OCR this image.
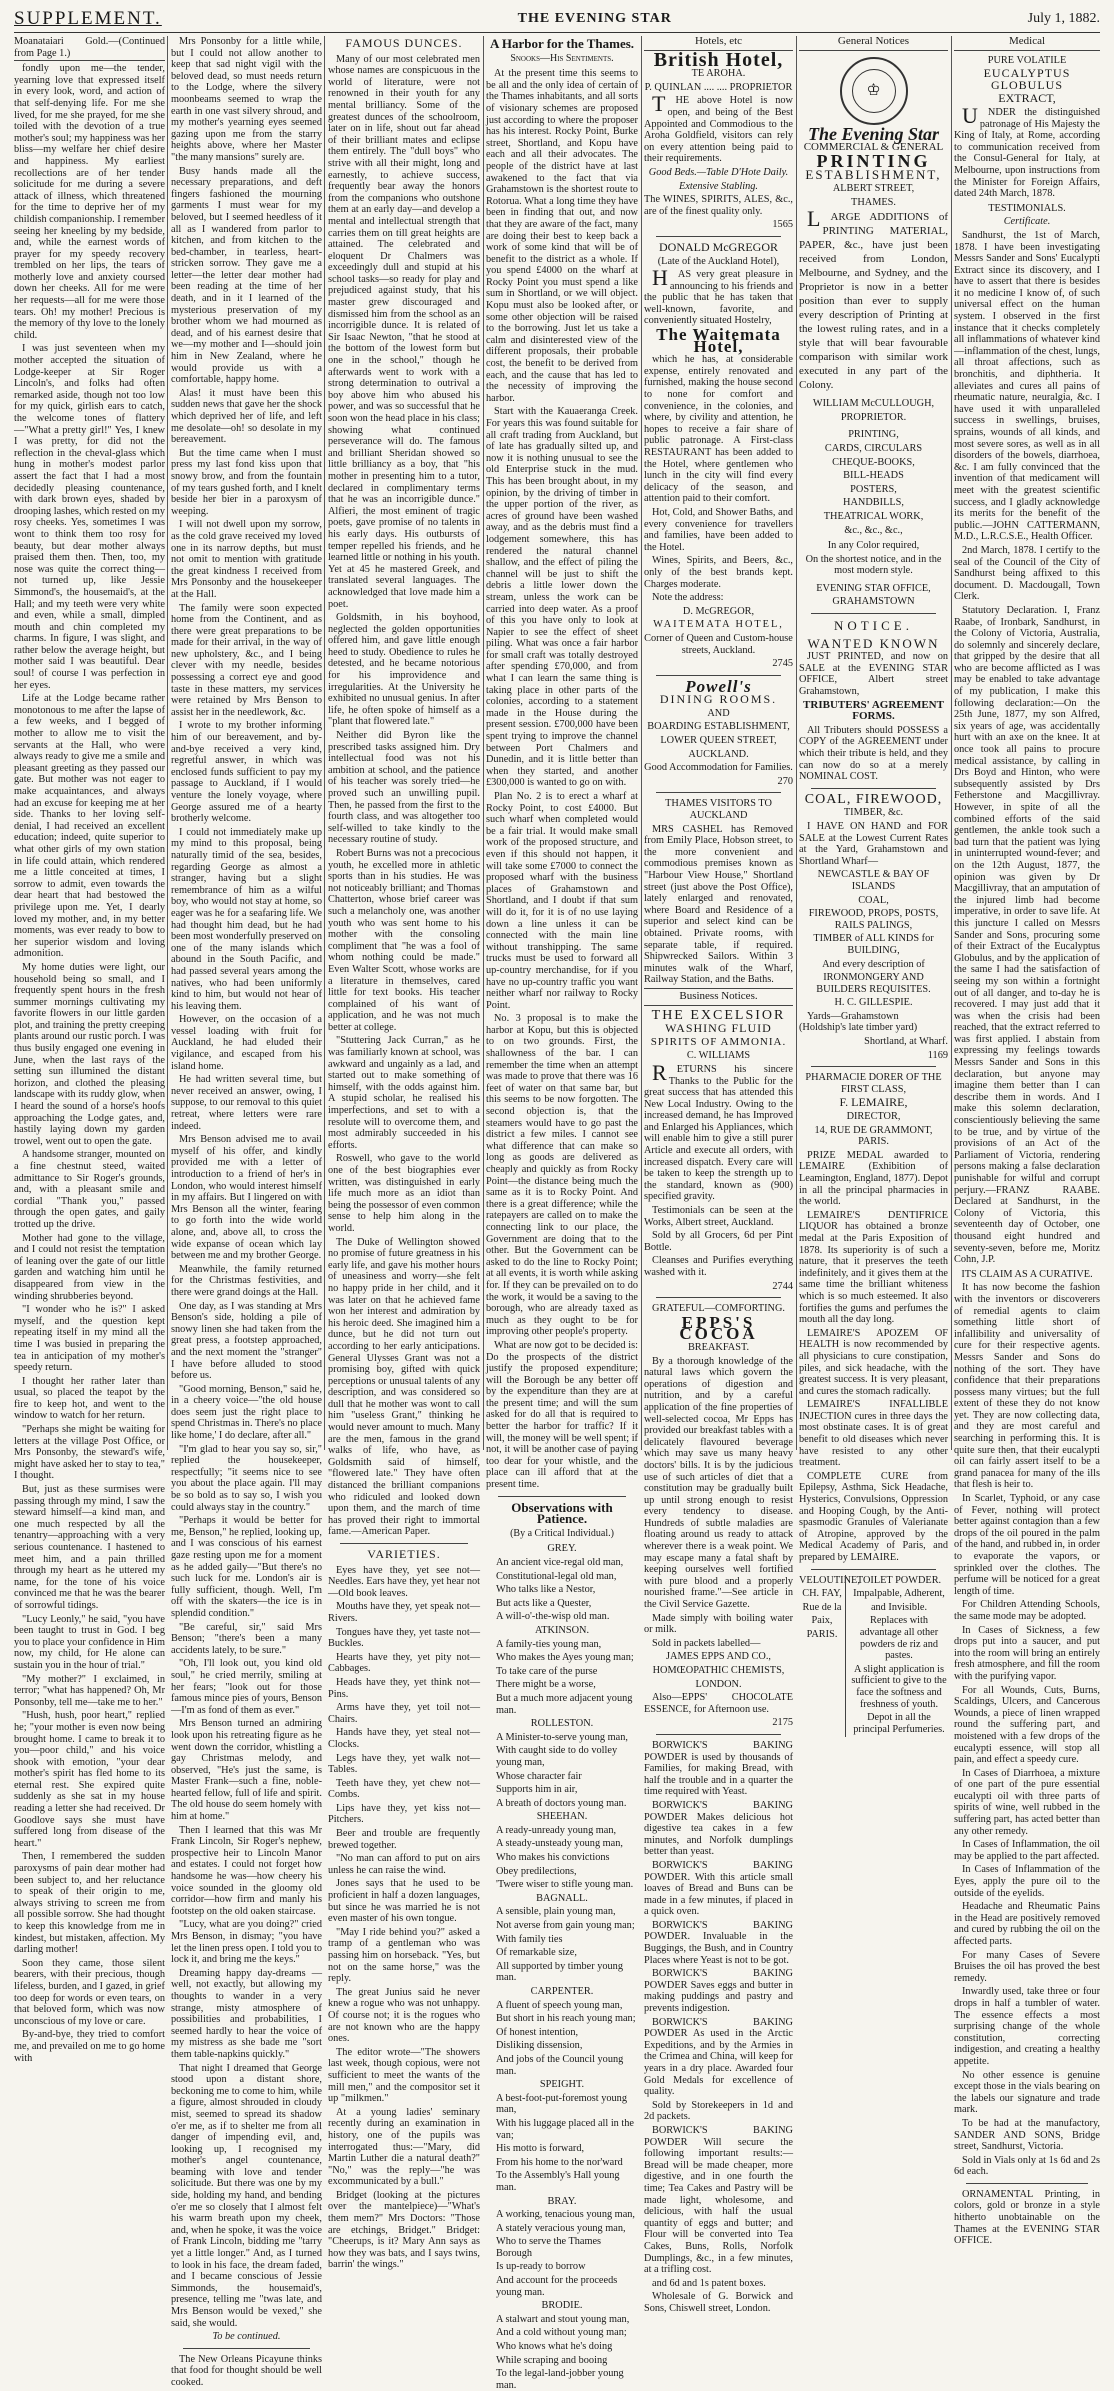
SUPPLEMENT.	THE EVENING STAR	July 1, 1882.

Moanataiari Gold.—(Continued from Page 1.)

fondly upon me—the tender, yearning love that expressed itself in every look, word, and action of that self-denying life. For me she lived, for me she prayed, for me she toiled with the devotion of a true mother's soul; my happiness was her bliss—my welfare her chief desire and happiness. My earliest recollections are of her tender solicitude for me during a severe attack of illness, which threatened for the time to deprive her of my childish companionship. I remember seeing her kneeling by my bedside, and, while the earnest words of prayer for my speedy recovery trembled on her lips, the tears of motherly love and anxiety coursed down her cheeks. All for me were her requests—all for me were those tears. Oh! my mother! Precious is the memory of thy love to the lonely child.

I was just seventeen when my mother accepted the situation of Lodge-keeper at Sir Roger Lincoln's, and folks had often remarked aside, though not too low for my quick, girlish ears to catch, the welcome tones of flattery—"What a pretty girl!" Yes, I knew I was pretty, for did not the reflection in the cheval-glass which hung in mother's modest parlor assert the fact that I had a most decidedly pleasing countenance, with dark brown eyes, shaded by drooping lashes, which rested on my rosy cheeks. Yes, sometimes I was wont to think them too rosy for beauty, but dear mother always praised them then. Then, too, my nose was quite the correct thing—not turned up, like Jessie Simmond's, the housemaid's, at the Hall; and my teeth were very white and even, while a small, dimpled mouth and chin completed my charms. In figure, I was slight, and rather below the average height, but mother said I was beautiful. Dear soul! of course I was perfection in her eyes.

Life at the Lodge became rather monotonous to me after the lapse of a few weeks, and I begged of mother to allow me to visit the servants at the Hall, who were always ready to give me a smile and pleasant greeting as they passed our gate. But mother was not eager to make acquaintances, and always had an excuse for keeping me at her side. Thanks to her loving self-denial, I had received an excellent education; indeed, quite superior to what other girls of my own station in life could attain, which rendered me a little conceited at times, I sorrow to admit, even towards the dear heart that had bestowed the privilege upon me. Yet, I dearly loved my mother, and, in my better moments, was ever ready to bow to her superior wisdom and loving admonition.

My home duties were light, our household being so small, and I frequently spent hours in the fresh summer mornings cultivating my favorite flowers in our little garden plot, and training the pretty creeping plants around our rustic porch. I was thus busily engaged one evening in June, when the last rays of the setting sun illumined the distant horizon, and clothed the pleasing landscape with its ruddy glow, when I heard the sound of a horse's hoofs approaching the Lodge gates, and, hastily laying down my garden trowel, went out to open the gate.

A handsome stranger, mounted on a fine chestnut steed, waited admittance to Sir Roger's grounds, and, with a pleasant smile and cordial "Thank you," passed through the open gates, and gaily trotted up the drive.

Mother had gone to the village, and I could not resist the temptation of leaning over the gate of our little garden and watching him until he disappeared from view in the winding shrubberies beyond.

"I wonder who he is?" I asked myself, and the question kept repeating itself in my mind all the time I was busied in preparing the tea in anticipation of my mother's speedy return.

I thought her rather later than usual, so placed the teapot by the fire to keep hot, and went to the window to watch for her return.

"Perhaps she might be waiting for letters at the village Post Office, or Mrs Ponsonby, the steward's wife, might have asked her to stay to tea," I thought.

But, just as these surmises were passing through my mind, I saw the steward himself—a kind man, and one much respected by all the tenantry—approaching with a very serious countenance. I hastened to meet him, and a pain thrilled through my heart as he uttered my name, for the tone of his voice convinced me that he was the bearer of sorrowful tidings.

"Lucy Leonly," he said, "you have been taught to trust in God. I beg you to place your confidence in Him now, my child, for He alone can sustain you in the hour of trial."

"My mother?" I exclaimed, in terror; "what has happened? Oh, Mr Ponsonby, tell me—take me to her."

"Hush, hush, poor heart," replied he; "your mother is even now being brought home. I came to break it to you—poor child," and his voice shook with emotion, "your dear mother's spirit has fled home to its eternal rest. She expired quite suddenly as she sat in my house reading a letter she had received. Dr Goodlove says she must have suffered long from disease of the heart."

Then, I remembered the sudden paroxysms of pain dear mother had been subject to, and her reluctance to speak of their origin to me, always striving to screen me from all possible sorrow. She had thought to keep this knowledge from me in kindest, but mistaken, affection. My darling mother!

Soon they came, those silent bearers, with their precious, though lifeless, burden, and I gazed, in grief too deep for words or even tears, on that beloved form, which was now unconscious of my love or care.

By-and-bye, they tried to comfort me, and prevailed on me to go home with

Mrs Ponsonby for a little while, but I could not allow another to keep that sad night vigil with the beloved dead, so must needs return to the Lodge, where the silvery moonbeams seemed to wrap the earth in one vast silvery shroud, and my mother's yearning eyes seemed gazing upon me from the starry heights above, where her Master "the many mansions" surely are.

Busy hands made all the necessary preparations, and deft fingers fashioned the mourning garments I must wear for my beloved, but I seemed heedless of it all as I wandered from parlor to kitchen, and from kitchen to the bed-chamber, in tearless, heart-stricken sorrow. They gave me a letter—the letter dear mother had been reading at the time of her death, and in it I learned of the mysterious preservation of my brother whom we had mourned as dead, and of his earnest desire that we—my mother and I—should join him in New Zealand, where he would provide us with a comfortable, happy home.

Alas! it must have been this sudden news that gave her the shock which deprived her of life, and left me desolate—oh! so desolate in my bereavement.

But the time came when I must press my last fond kiss upon that snowy brow, and from the fountain of my tears gushed forth, and I knelt beside her bier in a paroxysm of weeping.

I will not dwell upon my sorrow, as the cold grave received my loved one in its narrow depths, but must not omit to mention with gratitude the great kindness I received from Mrs Ponsonby and the housekeeper at the Hall.

The family were soon expected home from the Continent, and as there were great preparations to be made for their arrival, in the way of new upholstery, &c., and I being clever with my needle, besides possessing a correct eye and good taste in these matters, my services were retained by Mrs Benson to assist her in the needlework, &c.

I wrote to my brother informing him of our bereavement, and by-and-bye received a very kind, regretful answer, in which was enclosed funds sufficient to pay my passage to Auckland, if I would venture the lonely voyage, where George assured me of a hearty brotherly welcome.

I could not immediately make up my mind to this proposal, being naturally timid of the sea, besides, regarding George as almost a stranger, having but a slight remembrance of him as a wilful boy, who would not stay at home, so eager was he for a seafaring life. We had thought him dead, but he had been most wonderfully preserved on one of the many islands which abound in the South Pacific, and had passed several years among the natives, who had been uniformly kind to him, but would not hear of his leaving them.

However, on the occasion of a vessel loading with fruit for Auckland, he had eluded their vigilance, and escaped from his island home.

He had written several time, but never received an answer, owing, I suppose, to our removal to this quiet retreat, where letters were rare indeed.

Mrs Benson advised me to avail myself of his offer, and kindly provided me with a letter of introduction to a friend of her's in London, who would interest himself in my affairs. But I lingered on with Mrs Benson all the winter, fearing to go forth into the wide world alone, and, above all, to cross the wide expanse of ocean which lay between me and my brother George.

Meanwhile, the family returned for the Christmas festivities, and there were grand doings at the Hall.

One day, as I was standing at Mrs Benson's side, holding a pile of snowy linen she had taken from the great press, a footstep approached, and the next moment the "stranger" I have before alluded to stood before us.

"Good morning, Benson," said he, in a cheery voice—"the old house does seem just the right place to spend Christmas in. There's no place like home,' I do declare, after all."

"I'm glad to hear you say so, sir," replied the housekeeper, respectfully; "it seems nice to see you about the place again. I'll may be so bold as to say so, I wish you could always stay in the country."

"Perhaps it would be better for me, Benson," he replied, looking up, and I was conscious of his earnest gaze resting upon me for a moment as he added gaily—"But there's no such luck for me. London's air is fully sufficient, though. Well, I'm off with the skaters—the ice is in splendid condition."

"Be careful, sir," said Mrs Benson; "there's been a many accidents lately, to be sure."

"Oh, I'll look out, you kind old soul," he cried merrily, smiling at her fears; "look out for those famous mince pies of yours, Benson—I'm as fond of them as ever."

Mrs Benson turned an admiring look upon his retreating figure as he went down the corridor, whistling a gay Christmas melody, and observed, "He's just the same, is Master Frank—such a fine, noble-hearted fellow, full of life and spirit. The old house do seem homely with him at home."

Then I learned that this was Mr Frank Lincoln, Sir Roger's nephew, prospective heir to Lincoln Manor and estates. I could not forget how handsome he was—how cheery his voice sounded in the gloomy old corridor—how firm and manly his footstep on the old oaken staircase.

"Lucy, what are you doing?" cried Mrs Benson, in dismay; "you have let the linen press open. I told you to lock it, and bring me the keys."

Dreaming happy day-dreams — well, not exactly, but allowing my thoughts to wander in a very strange, misty atmosphere of possibilities and probabilities, I seemed hardly to hear the voice of my mistress as she bade me "sort them table-napkins quickly."

That night I dreamed that George stood upon a distant shore, beckoning me to come to him, while a figure, almost shrouded in cloudy mist, seemed to spread its shadow o'er me, as if to shelter me from all danger of impending evil, and, looking up, I recognised my mother's angel countenance, beaming with love and tender solicitude. But there was one by my side, holding my hand, and bending o'er me so closely that I almost felt his warm breath upon my cheek, and, when he spoke, it was the voice of Frank Lincoln, bidding me "tarry yet a little longer." And, as I turned to look in his face, the dream faded, and I became conscious of Jessie Simmonds, the housemaid's, presence, telling me "twas late, and Mrs Benson would be vexed," she said, she would.

To be continued.

The New Orleans Picayune thinks that food for thought should be well cooked.

FAMOUS DUNCES.

Many of our most celebrated men whose names are conspicuous in the world of literature, were not renowned in their youth for any mental brilliancy. Some of the greatest dunces of the schoolroom, later on in life, shout out far ahead of their brilliant mates and eclipse them entirely. The "dull boys" who strive with all their might, long and earnestly, to achieve success, frequently bear away the honors from the companions who outshone them at an early day—and develop a mental and intellectual strength that carries them on till great heights are attained. The celebrated and eloquent Dr Chalmers was exceedingly dull and stupid at his school tasks—so ready for play and prejudiced against study, that his master grew discouraged and dismissed him from the school as an incorrigible dunce. It is related of Sir Isaac Newton, "that he stood at the bottom of the lowest form but one in the school," though he afterwards went to work with a strong determination to outrival a boy above him who abused his power, and was so successful that he soon won the head place in his class; showing what continued perseverance will do. The famous and brilliant Sheridan showed so little brilliancy as a boy, that "his mother in presenting him to a tutor, declared in complimentary terms that he was an incorrigible dunce." Alfieri, the most eminent of tragic poets, gave promise of no talents in his early days. His outbursts of temper repelled his friends, and he learned little or nothing in his youth. Yet at 45 he mastered Greek, and translated several languages. The acknowledged that love made him a poet.

Goldsmith, in his boyhood, neglected the golden opportunities offered him, and gave little enough heed to study. Obedience to rules he detested, and he became notorious for his improvidence and irregularities. At the University he exhibited no unusual genius. In after life, he often spoke of himself as a "plant that flowered late."

Neither did Byron like the prescribed tasks assigned him. Dry intellectual food was not his ambition at school, and the patience of his teacher was sorely tried—he proved such an unwilling pupil. Then, he passed from the first to the fourth class, and was altogether too self-willed to take kindly to the necessary routine of study.

Robert Burns was not a precocious youth, he excelled more in athletic sports than in his studies. He was not noticeably brilliant; and Thomas Chatterton, whose brief career was such a melancholy one, was another youth who was sent home to his mother with the consoling compliment that "he was a fool of whom nothing could be made." Even Walter Scott, whose works are a literature in themselves, cared little for text books. His teacher complained of his want of application, and he was not much better at college.

"Stuttering Jack Curran," as he was familiarly known at school, was awkward and ungainly as a lad, and started out to make something of himself, with the odds against him. A stupid scholar, he realised his imperfections, and set to with a resolute will to overcome them, and most admirably succeeded in his efforts.

Roswell, who gave to the world one of the best biographies ever written, was distinguished in early life much more as an idiot than being the possessor of even common sense to help him along in the world.

The Duke of Wellington showed no promise of future greatness in his early life, and gave his mother hours of uneasiness and worry—she felt no happy pride in her child, and it was later on that he achieved fame won her interest and admiration by his heroic deed. She imagined him a dunce, but he did not turn out according to her early anticipations. General Ulysses Grant was not a promising boy, gifted with quick perceptions or unusual talents of any description, and was considered so dull that he mother was wont to call him "useless Grant," thinking he would never amount to much. Many are the men, famous in the grand walks of life, who have, as Goldsmith said of himself, "flowered late." They have often distanced the brilliant companions who ridiculed and looked down upon them, and the march of time has proved their right to immortal fame.—American Paper.

VARIETIES.

Eyes have they, yet see not—Needles. Ears have they, yet hear not—Old book leaves.

Mouths have they, yet speak not—Rivers.

Tongues have they, yet taste not—Buckles.

Hearts have they, yet pity not—Cabbages.

Heads have they, yet think not—Pins.

Arms have they, yet toil not—Chairs.

Hands have they, yet steal not—Clocks.

Legs have they, yet walk not—Tables.

Teeth have they, yet chew not—Combs.

Lips have they, yet kiss not—Pitchers.

Beer and trouble are frequently brewed together.

"No man can afford to put on airs unless he can raise the wind.

Jones says that he used to be proficient in half a dozen languages, but since he was married he is not even master of his own tongue.

"May I ride behind you?" asked a tramp of a gentleman who was passing him on horseback. "Yes, but not on the same horse," was the reply.

The great Junius said he never knew a rogue who was not unhappy. Of course not; it is the rogues who are not known who are the happy ones.

The editor wrote—"The showers last week, though copious, were not sufficient to meet the wants of the mill men," and the compositor set it up "milkmen."

At a young ladies' seminary recently during an examination in history, one of the pupils was interrogated thus:—"Mary, did Martin Luther die a natural death?" "No," was the reply—"he was excommunicated by a bull."

Bridget (looking at the pictures over the mantelpiece)—"What's them mem?" Mrs Doctors: "Those are etchings, Bridget." Bridget: "Cheerups, is it? Mary Ann says as how they was bats, and I says twins, barrin' the wings."

A Harbor for the Thames.

Snooks—His Sentiments.

At the present time this seems to be all and the only idea of certain of the Thames inhabitants, and all sorts of visionary schemes are proposed just according to where the proposer has his interest. Rocky Point, Burke street, Shortland, and Kopu have each and all their advocates. The people of the district have at last awakened to the fact that via Grahamstown is the shortest route to Rotorua. What a long time they have been in finding that out, and now that they are aware of the fact, many are doing their best to keep back a work of some kind that will be of benefit to the district as a whole. If you spend £4000 on the wharf at Rocky Point you must spend a like sum in Shortland, or we will object. Kopu must also be looked after, or some other objection will be raised to the borrowing. Just let us take a calm and disinterested view of the different proposals, their probable cost, the benefit to be derived from each, and the cause that has led to the necessity of improving the harbor.

Start with the Kauaeranga Creek. For years this was found suitable for all craft trading from Auckland, but of late has gradually silted up, and now it is nothing unusual to see the old Enterprise stuck in the mud. This has been brought about, in my opinion, by the driving of timber in the upper portion of the river, as acres of ground have been washed away, and as the debris must find a lodgement somewhere, this has rendered the natural channel shallow, and the effect of piling the channel will be just to shift the debris a little lower down the stream, unless the work can be carried into deep water. As a proof of this you have only to look at Napier to see the effect of sheet piling. What was once a fair harbor for small craft was totally destroyed after spending £70,000, and from what I can learn the same thing is taking place in other parts of the colonies, according to a statement made in the House during the present session. £700,000 have been spent trying to improve the channel between Port Chalmers and Dunedin, and it is little better than when they started, and another £300,000 is wanted to go on with.

Plan No. 2 is to erect a wharf at Rocky Point, to cost £4000. But such wharf when completed would be a fair trial. It would make small work of the proposed structure, and even if this should not happen, it will take some £7000 to connect the proposed wharf with the business places of Grahamstown and Shortland, and I doubt if that sum will do it, for it is of no use laying down a line unless it can be connected with the main line without transhipping. The same trucks must be used to forward all up-country merchandise, for if you have no up-country traffic you want neither wharf nor railway to Rocky Point.

No. 3 proposal is to make the harbor at Kopu, but this is objected to on two grounds. First, the shallowness of the bar. I can remember the time when an attempt was made to prove that there was 16 feet of water on that same bar, but this seems to be now forgotten. The second objection is, that the steamers would have to go past the district a few miles. I cannot see what difference that can make so long as goods are delivered as cheaply and quickly as from Rocky Point—the distance being much the same as it is to Rocky Point. And there is a great difference; while the ratepayers are called on to make the connecting link to our place, the Government are doing that to the other. But the Government can be asked to do the line to Rocky Point; at all events, it is worth while asking for. If they can be prevailed on to do the work, it would be a saving to the borough, who are already taxed as much as they ought to be for improving other people's property.

What are now got to be decided is: Do the prospects of the district justify the proposed expenditure; will the Borough be any better off by the expenditure than they are at the present time; and will the sum asked for do all that is required to better the harbor for traffic? If it will, the money will be well spent; if not, it will be another case of paying too dear for your whistle, and the place can ill afford that at the present time.

Observations with Patience.

(By a Critical Individual.)

GREY.

An ancient vice-regal old man,

Constitutional-legal old man,

Who talks like a Nestor,

But acts like a Quester,

A will-o'-the-wisp old man.

ATKINSON.

A family-ties young man,

Who makes the Ayes young man;

To take care of the purse

There might be a worse,

But a much more adjacent young man.

ROLLESTON.

A Minister-to-serve young man,

With caught side to do volley young man,

Whose character fair

Supports him in air,

A breath of doctors young man.

SHEEHAN.

A ready-unready young man,

A steady-unsteady young man,

Who makes his convictions

Obey predilections,

'Twere wiser to stifle young man.

BAGNALL.

A sensible, plain young man,

Not averse from gain young man;

With family ties

Of remarkable size,

All supported by timber young man.

CARPENTER.

A fluent of speech young man,

But short in his reach young man;

Of honest intention,

Disliking dissension,

And jobs of the Council young man.

SPEIGHT.

A best-foot-put-foremost young man,

With his luggage placed all in the van;

His motto is forward,

From his home to the nor'ward

To the Assembly's Hall young man.

BRAY.

A working, tenacious young man,

A stately veracious young man,

Who to serve the Thames Borough

Is up-ready to borrow

And account for the proceeds young man.

BRODIE.

A stalwart and stout young man,

And a cold without young man;

Who knows what he's doing

While scraping and booing

To the legal-land-jobber young man.

Hotels, etc

British Hotel,

TE AROHA.

P. QUINLAN .... .... PROPRIETOR

THE above Hotel is now open, and being of the Best Appointed and Commodious to the Aroha Goldfield, visitors can rely on every attention being paid to their requirements.

Good Beds.—Table D'Hote Daily.

Extensive Stabling.

The WINES, SPIRITS, ALES, &c., are of the finest quality only.

1565

DONALD McGREGOR

(Late of the Auckland Hotel),

HAS very great pleasure in announcing to his friends and the public that he has taken that well-known, favorite, and conveniently situated Hostelry,

The Waitemata Hotel,

which he has, at considerable expense, entirely renovated and furnished, making the house second to none for comfort and convenience, in the colonies, and where, by civility and attention, he hopes to receive a fair share of public patronage. A First-class RESTAURANT has been added to the Hotel, where gentlemen who lunch in the city will find every delicacy of the season, and attention paid to their comfort.

Hot, Cold, and Shower Baths, and every convenience for travellers and families, have been added to the Hotel.

Wines, Spirits, and Beers, &c., only of the best brands kept. Charges moderate.

Note the address:

D. McGREGOR,

WAITEMATA HOTEL,

Corner of Queen and Custom-house streets, Auckland.

2745

Powell's

DINING ROOMS.

AND

BOARDING ESTABLISHMENT,

LOWER QUEEN STREET,

AUCKLAND.

Good Accommodation for Families.

270

THAMES VISITORS TO AUCKLAND

MRS CASHEL has Removed from Emily Place, Hobson street, to the more convenient and commodious premises known as "Harbour View House," Shortland street (just above the Post Office), lately enlarged and renovated, where Board and Residence of a superior and select kind can be obtained. Private rooms, with separate table, if required. Shipwrecked Sailors. Within 3 minutes walk of the Wharf, Railway Station, and the Baths.

Business Notices.

THE EXCELSIOR

WASHING FLUID

SPIRITS OF AMMONIA.

C. WILLIAMS

RETURNS his sincere Thanks to the Public for the great success that has attended this New Local Industry. Owing to the increased demand, he has Improved and Enlarged his Appliances, which will enable him to give a still purer Article and execute all orders, with increased dispatch. Every care will be taken to keep the strength up to the standard, known as (900) specified gravity.

Testimonials can be seen at the Works, Albert street, Auckland.

Sold by all Grocers, 6d per Pint Bottle.

Cleanses and Purifies everything washed with it.

2744

GRATEFUL—COMFORTING.

EPPS'S COCOA

BREAKFAST.

By a thorough knowledge of the natural laws which govern the operations of digestion and nutrition, and by a careful application of the fine properties of well-selected cocoa, Mr Epps has provided our breakfast tables with a delicately flavoured beverage which may save us many heavy doctors' bills. It is by the judicious use of such articles of diet that a constitution may be gradually built up until strong enough to resist every tendency to disease. Hundreds of subtle maladies are floating around us ready to attack wherever there is a weak point. We may escape many a fatal shaft by keeping ourselves well fortified with pure blood and a properly nourished frame."—See article in the Civil Service Gazette.

Made simply with boiling water or milk.

Sold in packets labelled—

JAMES EPPS AND CO.,

HOMŒOPATHIC CHEMISTS,

LONDON.

Also—EPPS' CHOCOLATE ESSENCE, for Afternoon use.

2175

BORWICK'S BAKING POWDER is used by thousands of Families, for making Bread, with half the trouble and in a quarter the time required with Yeast.

BORWICK'S BAKING POWDER Makes delicious hot digestive tea cakes in a few minutes, and Norfolk dumplings better than yeast.

BORWICK'S BAKING POWDER. With this article small loaves of Bread and Buns can be made in a few minutes, if placed in a quick oven.

BORWICK'S BAKING POWDER. Invaluable in the Buggings, the Bush, and in Country Places where Yeast is not to be got.

BORWICK'S BAKING POWDER Saves eggs and butter in making puddings and pastry and prevents indigestion.

BORWICK'S BAKING POWDER As used in the Arctic Expeditions, and by the Armies in the Crimea and China, will keep for years in a dry place. Awarded four Gold Medals for excellence of quality.

Sold by Storekeepers in 1d and 2d packets.

BORWICK'S BAKING POWDER Will secure the following important results:—Bread will be made cheaper, more digestive, and in one fourth the time; Tea Cakes and Pastry will be made light, wholesome, and delicious, with half the usual quantity of eggs and butter; and Flour will be converted into Tea Cakes, Buns, Rolls, Norfolk Dumplings, &c., in a few minutes, at a trifling cost.

and 6d and 1s patent boxes.

Wholesale of G. Borwick and Sons, Chiswell street, London.

General Notices
♔

The Evening Star

COMMERCIAL & GENERAL

PRINTING

ESTABLISHMENT,

ALBERT STREET,

THAMES.

LARGE ADDITIONS of PRINTING MATERIAL, PAPER, &c., have just been received from London, Melbourne, and Sydney, and the Proprietor is now in a better position than ever to supply every description of Printing at the lowest ruling rates, and in a style that will bear favourable comparison with similar work executed in any part of the Colony.

WILLIAM McCULLOUGH,

PROPRIETOR.

PRINTING,

CARDS, CIRCULARS

CHEQUE-BOOKS,

BILL-HEADS

POSTERS,

HANDBILLS,

THEATRICAL WORK,

&c., &c., &c.,

In any Color required,

On the shortest notice, and in the most modern style.

EVENING STAR OFFICE,

GRAHAMSTOWN

NOTICE.

WANTED KNOWN

JUST PRINTED, and now on SALE at the EVENING STAR OFFICE, Albert street Grahamstown,

TRIBUTERS' AGREEMENT FORMS.

All Tributers should POSSESS a COPY of the AGREEMENT under which their tribute is held, and they can now do so at a merely NOMINAL COST.

COAL, FIREWOOD,

TIMBER, &c.

I HAVE ON HAND and FOR SALE at the Lowest Current Rates at the Yard, Grahamstown and Shortland Wharf—

NEWCASTLE & BAY OF ISLANDS

COAL,

FIREWOOD, PROPS, POSTS, RAILS PALINGS,

TIMBER of ALL KINDS for BUILDING,

And every description of

IRONMONGERY AND BUILDERS REQUISITES.

H. C. GILLESPIE.

Yards—Grahamstown (Holdship's late timber yard)

Shortland, at Wharf.

1169

PHARMACIE DORER OF THE FIRST CLASS,

F. LEMAIRE,

DIRECTOR,

14, RUE DE GRAMMONT, PARIS.

PRIZE MEDAL awarded to LEMAIRE (Exhibition of Leamington, England, 1877). Depot in all the principal pharmacies in the world.

LEMAIRE'S DENTIFRICE LIQUOR has obtained a bronze medal at the Paris Exposition of 1878. Its superiority is of such a nature, that it preserves the teeth indefinitely, and it gives them at the same time the brilliant whiteness which is so much esteemed. It also fortifies the gums and perfumes the mouth all the day long.

LEMAIRE'S APOZEM OF HEALTH is now recommended by all physicians to cure constipation, piles, and sick headache, with the greatest success. It is very pleasant, and cures the stomach radically.

LEMAIRE'S INFALLIBLE INJECTION cures in three days the most obstinate cases. It is of great benefit to old diseases which never have resisted to any other treatment.

COMPLETE CURE from Epilepsy, Asthma, Sick Headache, Hysterics, Convulsions, Oppression and Hooping Cough, by the Anti-spasmodic Granules of Valerianate of Atropine, approved by the Medical Academy of Paris, and prepared by LEMAIRE.

VELOUTINE,

CH. FAY,

Rue de la

Paix,

PARIS.

TOILET POWDER.

Impalpable, Adherent,

and Invisible.

Replaces with advantage all other powders de riz and pastes.

A slight application is sufficient to give to the face the softness and freshness of youth.

Depot in all the principal Perfumeries.

Medical

PURE VOLATILE

EUCALYPTUS GLOBULUS

EXTRACT,

UNDER the distinguished patronage of His Majesty the King of Italy, at Rome, according to communication received from the Consul-General for Italy, at Melbourne, upon instructions from the Minister for Foreign Affairs, dated 24th March, 1878.

TESTIMONIALS.

Certificate.

Sandhurst, the 1st of March, 1878. I have been investigating Messrs Sander and Sons' Eucalypti Extract since its discovery, and I have to assert that there is besides it no medicine I know of, of such universal effect on the human system. I observed in the first instance that it checks completely all inflammations of whatever kind—inflammation of the chest, lungs, all throat affections, such as bronchitis, and diphtheria. It alleviates and cures all pains of rheumatic nature, neuralgia, &c. I have used it with unparalleled success in swellings, bruises, sprains, wounds of all kinds, and most severe sores, as well as in all disorders of the bowels, diarrhoea, &c. I am fully convinced that the invention of that medicament will meet with the greatest scientific success, and I gladly acknowledge its merits for the benefit of the public.—JOHN CATTERMANN, M.D., L.R.C.S.E., Health Officer.

2nd March, 1878. I certify to the seal of the Council of the City of Sandhurst being affixed to this document. D. Macdougall, Town Clerk.

Statutory Declaration. I, Franz Raabe, of Ironbark, Sandhurst, in the Colony of Victoria, Australia, do solemnly and sincerely declare, that gripped by the desire that all who are become afflicted as I was may be enabled to take advantage of my publication, I make this following declaration:—On the 25th June, 1877, my son Alfred, six years of age, was accidentally hurt with an axe on the knee. It at once took all pains to procure medical assistance, by calling in Drs Boyd and Hinton, who were subsequently assisted by Drs Fetherstone and Macgillivray. However, in spite of all the combined efforts of the said gentlemen, the ankle took such a bad turn that the patient was lying in uninterrupted wound-fever; and on the 12th August, 1877, the opinion was given by Dr Macgillivray, that an amputation of the injured limb had become imperative, in order to save life. At this juncture I called on Messrs Sander and Sons, procuring some of their Extract of the Eucalyptus Globulus, and by the application of the same I had the satisfaction of seeing my son within a fortnight out of all danger, and to-day he is recovered. I may just add that it was when the crisis had been reached, that the extract referred to was first applied. I abstain from expressing my feelings towards Messrs Sander and Sons in this declaration, but anyone may imagine them better than I can describe them in words. And I make this solemn declaration, conscientiously believing the same to be true, and by virtue of the provisions of an Act of the Parliament of Victoria, rendering persons making a false declaration punishable for wilful and corrupt perjury.—FRANZ RAABE. Declared at Sandhurst, in the Colony of Victoria, this seventeenth day of October, one thousand eight hundred and seventy-seven, before me, Moritz Cohn, J.P.

ITS CLAIM AS A CURATIVE.

It has now become the fashion with the inventors or discoverers of remedial agents to claim something little short of infallibility and universality of cure for their respective agents. Messrs Sander and Sons do nothing of the sort. They have confidence that their preparations possess many virtues; but the full extent of these they do not know yet. They are now collecting data, and they are most careful and searching in performing this. It is quite sure then, that their eucalypti oil can fairly assert itself to be a grand panacea for many of the ills that flesh is heir to.

In Scarlet, Typhoid, or any case of Fever, nothing will protect better against contagion than a few drops of the oil poured in the palm of the hand, and rubbed in, in order to evaporate the vapors, or sprinkled over the clothes. The perfume will be noticed for a great length of time.

For Children Attending Schools, the same mode may be adopted.

In Cases of Sickness, a few drops put into a saucer, and put into the room will bring an entirely fresh atmosphere, and fill the room with the purifying vapor.

For all Wounds, Cuts, Burns, Scaldings, Ulcers, and Cancerous Wounds, a piece of linen wrapped round the suffering part, and moistened with a few drops of the eucalypti essence, will stop all pain, and effect a speedy cure.

In Cases of Diarrhoea, a mixture of one part of the pure essential eucalypti oil with three parts of spirits of wine, well rubbed in the suffering part, has acted better than any other remedy.

In Cases of Inflammation, the oil may be applied to the part affected.

In Cases of Inflammation of the Eyes, apply the pure oil to the outside of the eyelids.

Headache and Rheumatic Pains in the Head are positively removed and cured by rubbing the oil on the affected parts.

For many Cases of Severe Bruises the oil has proved the best remedy.

Inwardly used, take three or four drops in half a tumbler of water. The essence effects a most surprising change of the whole constitution, correcting indigestion, and creating a healthy appetite.

No other essence is genuine except those in the vials bearing on the labels our signature and trade mark.

To be had at the manufactory, SANDER AND SONS, Bridge street, Sandhurst, Victoria.

Sold in Vials only at 1s 6d and 2s 6d each.

ORNAMENTAL Printing, in colors, gold or bronze in a style hitherto unobtainable on the Thames at the EVENING STAR OFFICE.
